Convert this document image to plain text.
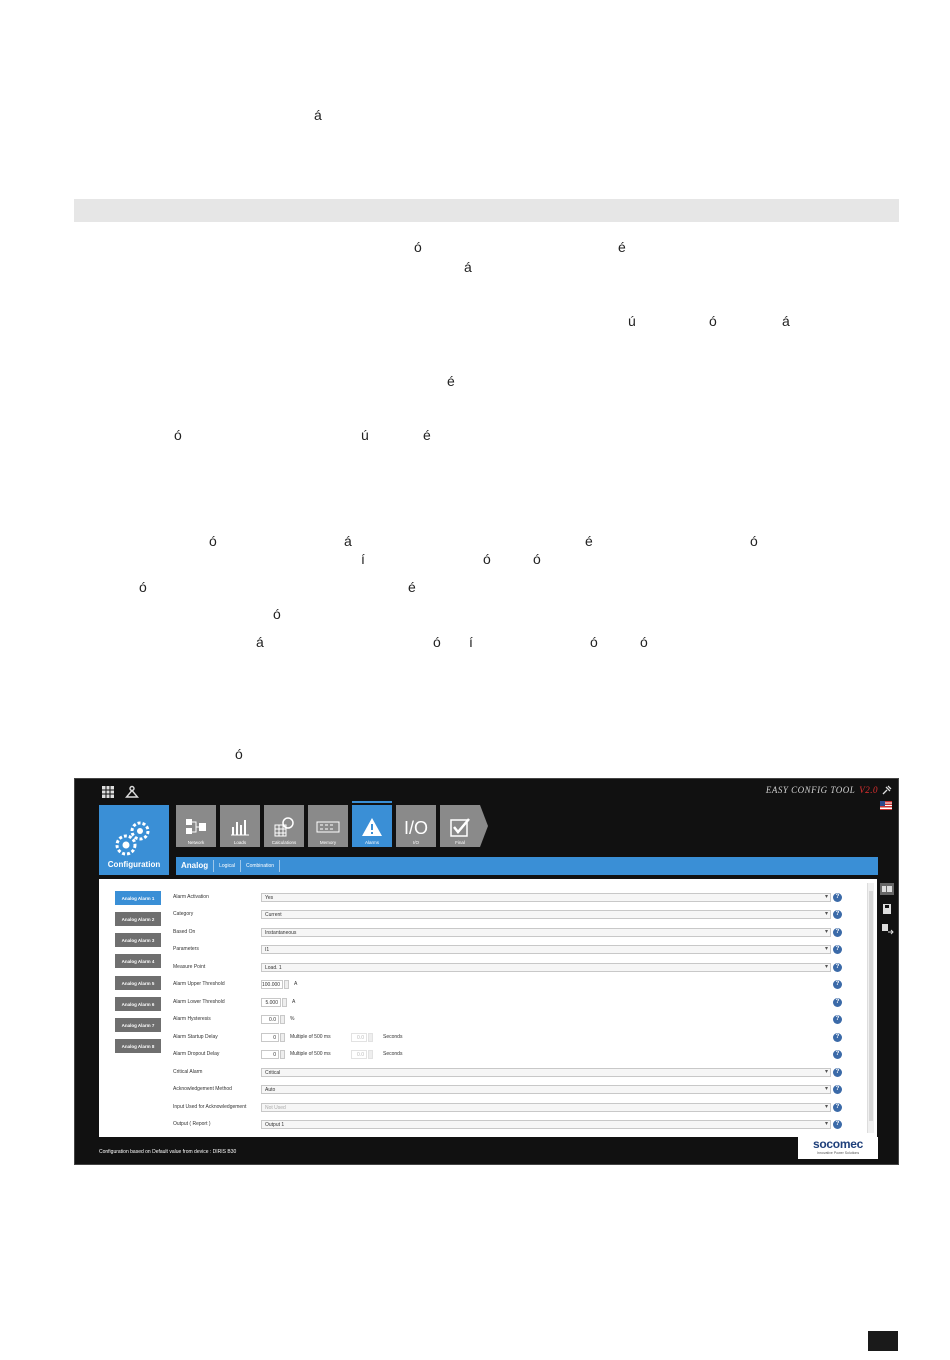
á
ó	é
á
ú	ó	á
é
ó	ú	é
ó	á	é	ó
í	ó	ó
ó	é
ó
á	ó í	ó	ó
ó
EASY CONFIG TOOL V2.0
Configuration
Network	Loads	Calculations	Memory	Alarms
I/O
I/O	Final
Analog	Logical	Combination
Analog Alarm 1
Analog Alarm 2
Analog Alarm 3
Analog Alarm 4
Analog Alarm 5
Analog Alarm 6
Analog Alarm 7
Analog Alarm 8
Alarm Activation	Yes ▾	?
Category	Current ▾	?
Based On	Instantaneous ▾	?
Parameters	I1 ▾	?
Measure Point	Load. 1 ▾	?
Alarm Upper Threshold	100.000	A	?
Alarm Lower Threshold	5.000	A	?
Alarm Hysteresis	0.0	%	?
Alarm Startup Delay	0	Multiple of 500 ms	0.0	Seconds	?
Alarm Dropout Delay	0	Multiple of 500 ms	0.0	Seconds	?
Critical Alarm	Critical ▾	?
Acknowledgement Method	Auto ▾	?
Input Used for Acknowledgement	Not Used ▾	?
Output ( Report )	Output 1 ▾	?
Configuration based on Default value from device : DIRIS B30
socomec
Innovative Power Solutions
